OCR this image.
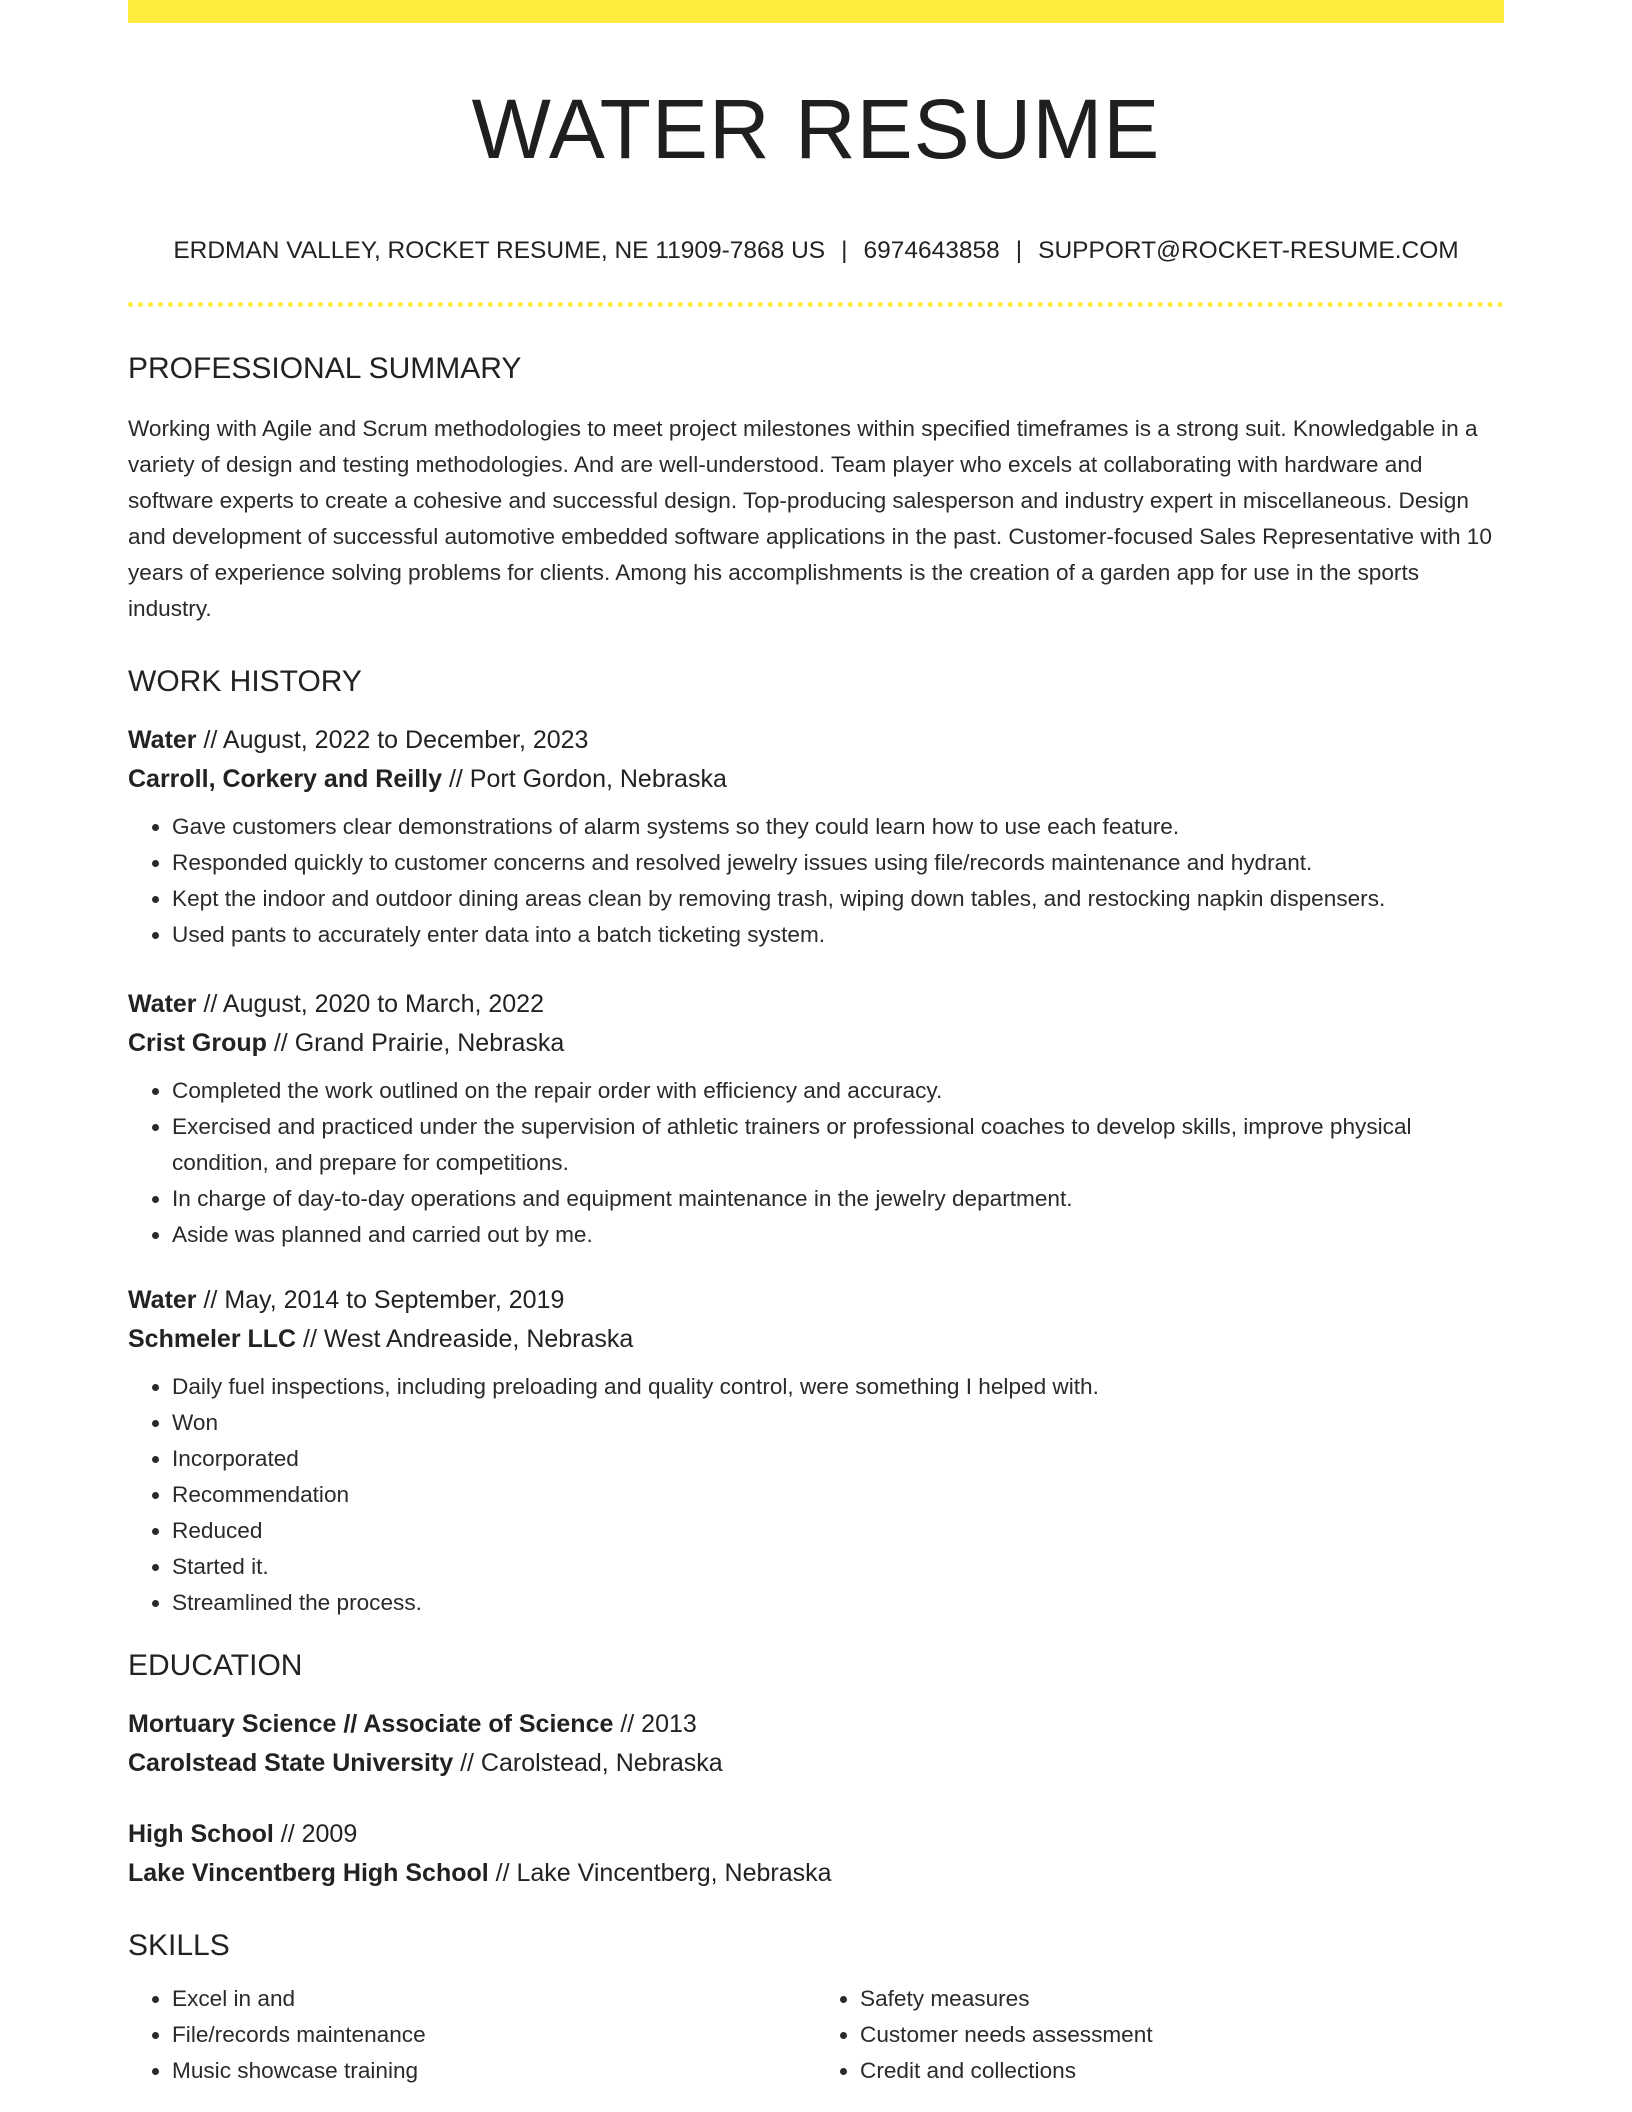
WATER RESUME
ERDMAN VALLEY, ROCKET RESUME, NE 11909-7868 US | 6974643858 | SUPPORT@ROCKET-RESUME.COM
PROFESSIONAL SUMMARY
Working with Agile and Scrum methodologies to meet project milestones within specified timeframes is a strong suit. Knowledgable in a variety of design and testing methodologies. And are well-understood. Team player who excels at collaborating with hardware and software experts to create a cohesive and successful design. Top-producing salesperson and industry expert in miscellaneous. Design and development of successful automotive embedded software applications in the past. Customer-focused Sales Representative with 10 years of experience solving problems for clients. Among his accomplishments is the creation of a garden app for use in the sports industry.
WORK HISTORY
Water // August, 2022 to December, 2023
Carroll, Corkery and Reilly // Port Gordon, Nebraska
• Gave customers clear demonstrations of alarm systems so they could learn how to use each feature.
• Responded quickly to customer concerns and resolved jewelry issues using file/records maintenance and hydrant.
• Kept the indoor and outdoor dining areas clean by removing trash, wiping down tables, and restocking napkin dispensers.
• Used pants to accurately enter data into a batch ticketing system.
Water // August, 2020 to March, 2022
Crist Group // Grand Prairie, Nebraska
• Completed the work outlined on the repair order with efficiency and accuracy.
• Exercised and practiced under the supervision of athletic trainers or professional coaches to develop skills, improve physical condition, and prepare for competitions.
• In charge of day-to-day operations and equipment maintenance in the jewelry department.
• Aside was planned and carried out by me.
Water // May, 2014 to September, 2019
Schmeler LLC // West Andreaside, Nebraska
• Daily fuel inspections, including preloading and quality control, were something I helped with.
• Won
• Incorporated
• Recommendation
• Reduced
• Started it.
• Streamlined the process.
EDUCATION
Mortuary Science // Associate of Science // 2013
Carolstead State University // Carolstead, Nebraska
High School // 2009
Lake Vincentberg High School // Lake Vincentberg, Nebraska
SKILLS
• Excel in and
• File/records maintenance
• Music showcase training
• Safety measures
• Customer needs assessment
• Credit and collections
